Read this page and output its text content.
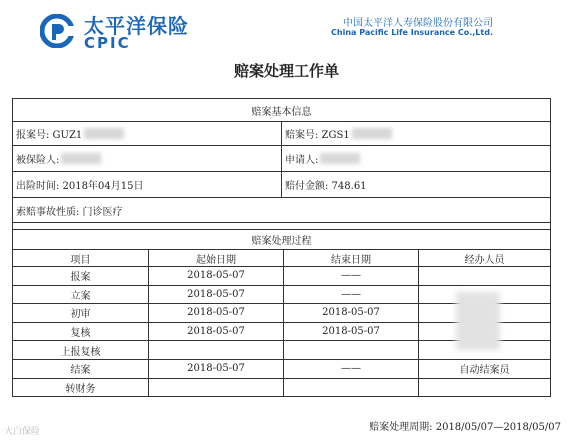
太平洋保险
CPIC
中国太平洋人寿保险股份有限公司
China Pacific Life Insurance Co.,Ltd.
赔案处理工作单
赔案基本信息
报案号: GUZ1	赔案号: ZGS1
被保险人:	申请人:
出险时间: 2018年04月15日	赔付金额: 748.61
索赔事故性质: 门诊医疗
赔案处理过程
项目	起始日期	结束日期	经办人员
报案	2018-05-07	——
立案	2018-05-07	——
初审	2018-05-07	2018-05-07
复核	2018-05-07	2018-05-07
上报复核
结案	2018-05-07	——	自动结案员
转财务
赔案处理周期: 2018/05/07—2018/05/07
大白保险
